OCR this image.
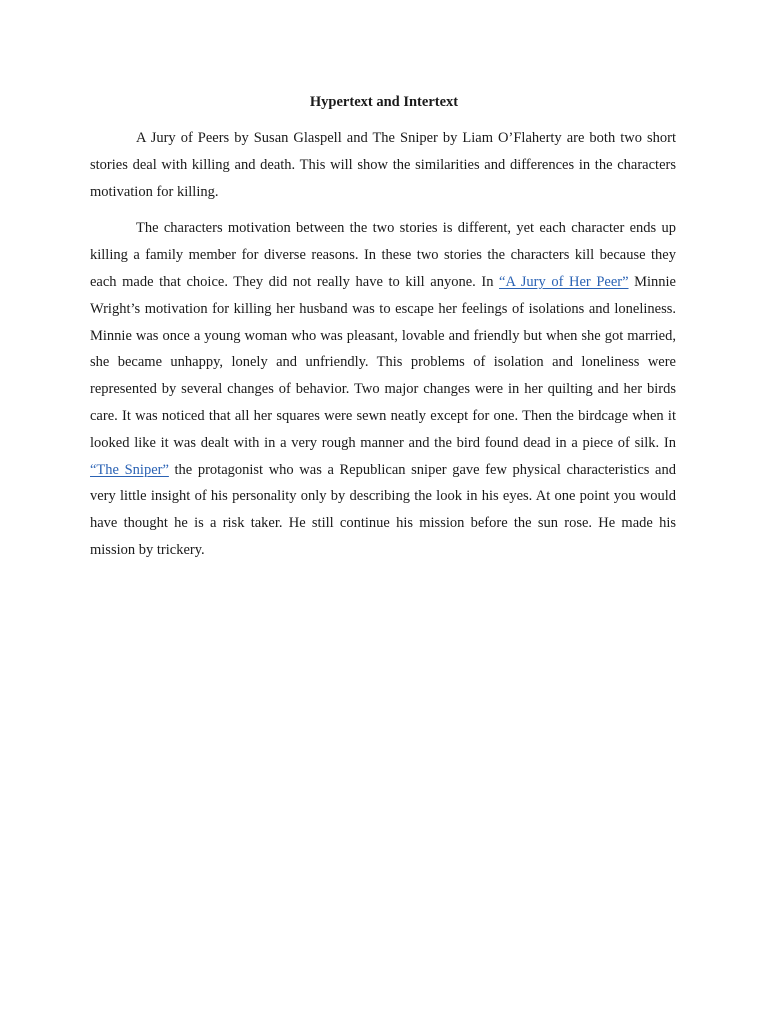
Hypertext and Intertext

A Jury of Peers by Susan Glaspell and The Sniper by Liam O’Flaherty are both two short stories deal with killing and death. This will show the similarities and differences in the characters motivation for killing.

The characters motivation between the two stories is different, yet each character ends up killing a family member for diverse reasons. In these two stories the characters kill because they each made that choice. They did not really have to kill anyone. In “A Jury of Her Peer” Minnie Wright’s motivation for killing her husband was to escape her feelings of isolations and loneliness. Minnie was once a young woman who was pleasant, lovable and friendly but when she got married, she became unhappy, lonely and unfriendly. This problems of isolation and loneliness were represented by several changes of behavior. Two major changes were in her quilting and her birds care. It was noticed that all her squares were sewn neatly except for one. Then the birdcage when it looked like it was dealt with in a very rough manner and the bird found dead in a piece of silk. In “The Sniper” the protagonist who was a Republican sniper gave few physical characteristics and very little insight of his personality only by describing the look in his eyes. At one point you would have thought he is a risk taker. He still continue his mission before the sun rose. He made his mission by trickery.
